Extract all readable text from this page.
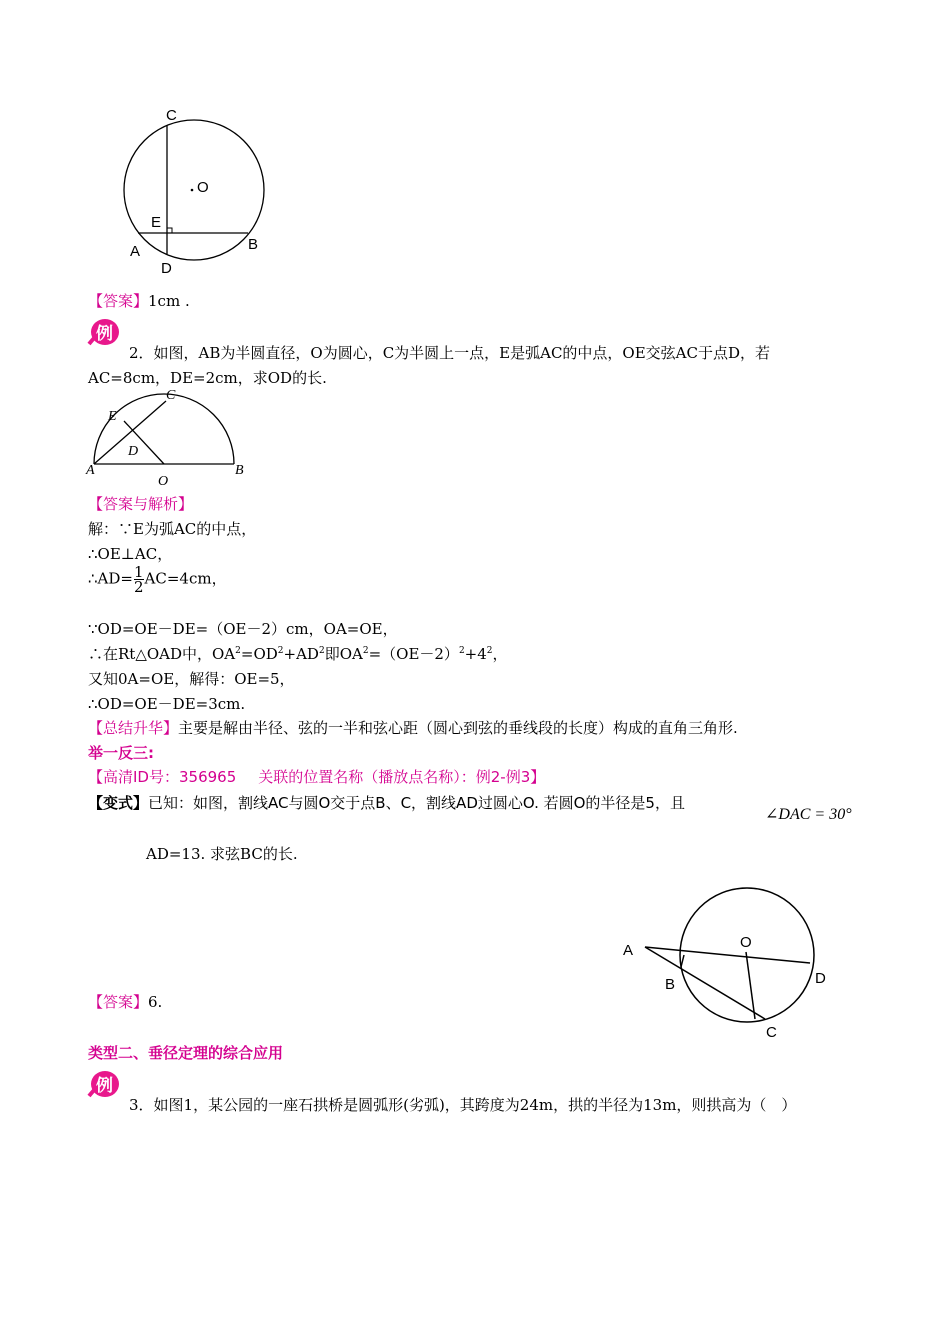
C
O
E
A	B
D
【答案】1cm .
例
2．如图，AB为半圆直径，O为圆心，C为半圆上一点，E是弧AC的中点，OE交弦AC于点D，若
AC=8cm，DE=2cm，求OD的长.
E
C
D
A
O
B
【答案与解析】
解：∵E为弧AC的中点，
∴OE⊥AC，
∴AD= $\frac{1}{2} AC=4cm$，
∵OD=OE－DE=（OE－2）cm，OA=OE，
∴在Rt△OAD中，$OA^2=OD^2+AD^2$即$OA^2=(OE-2)^2+4^2$，
又知0A=OE，解得：OE=5，
∴OD=OE－DE=3cm.
【总结升华】主要是解由半径、弦的一半和弦心距（圆心到弦的垂线段的长度）构成的直角三角形.
举一反三:
【高清ID号：356965 关联的位置名称（播放点名称）：例2-例3】
【变式】已知：如图，割线AC与圆O交于点B、C，割线AD过圆心O. 若圆O的半径是5，且
∠DAC = 30°
AD=13. 求弦BC的长.
A	O
D
B
C
【答案】6.
类型二、垂径定理的综合应用
例
3．如图1，某公园的一座石拱桥是圆弧形(劣弧)，其跨度为24m，拱的半径为13m，则拱高为（　）
